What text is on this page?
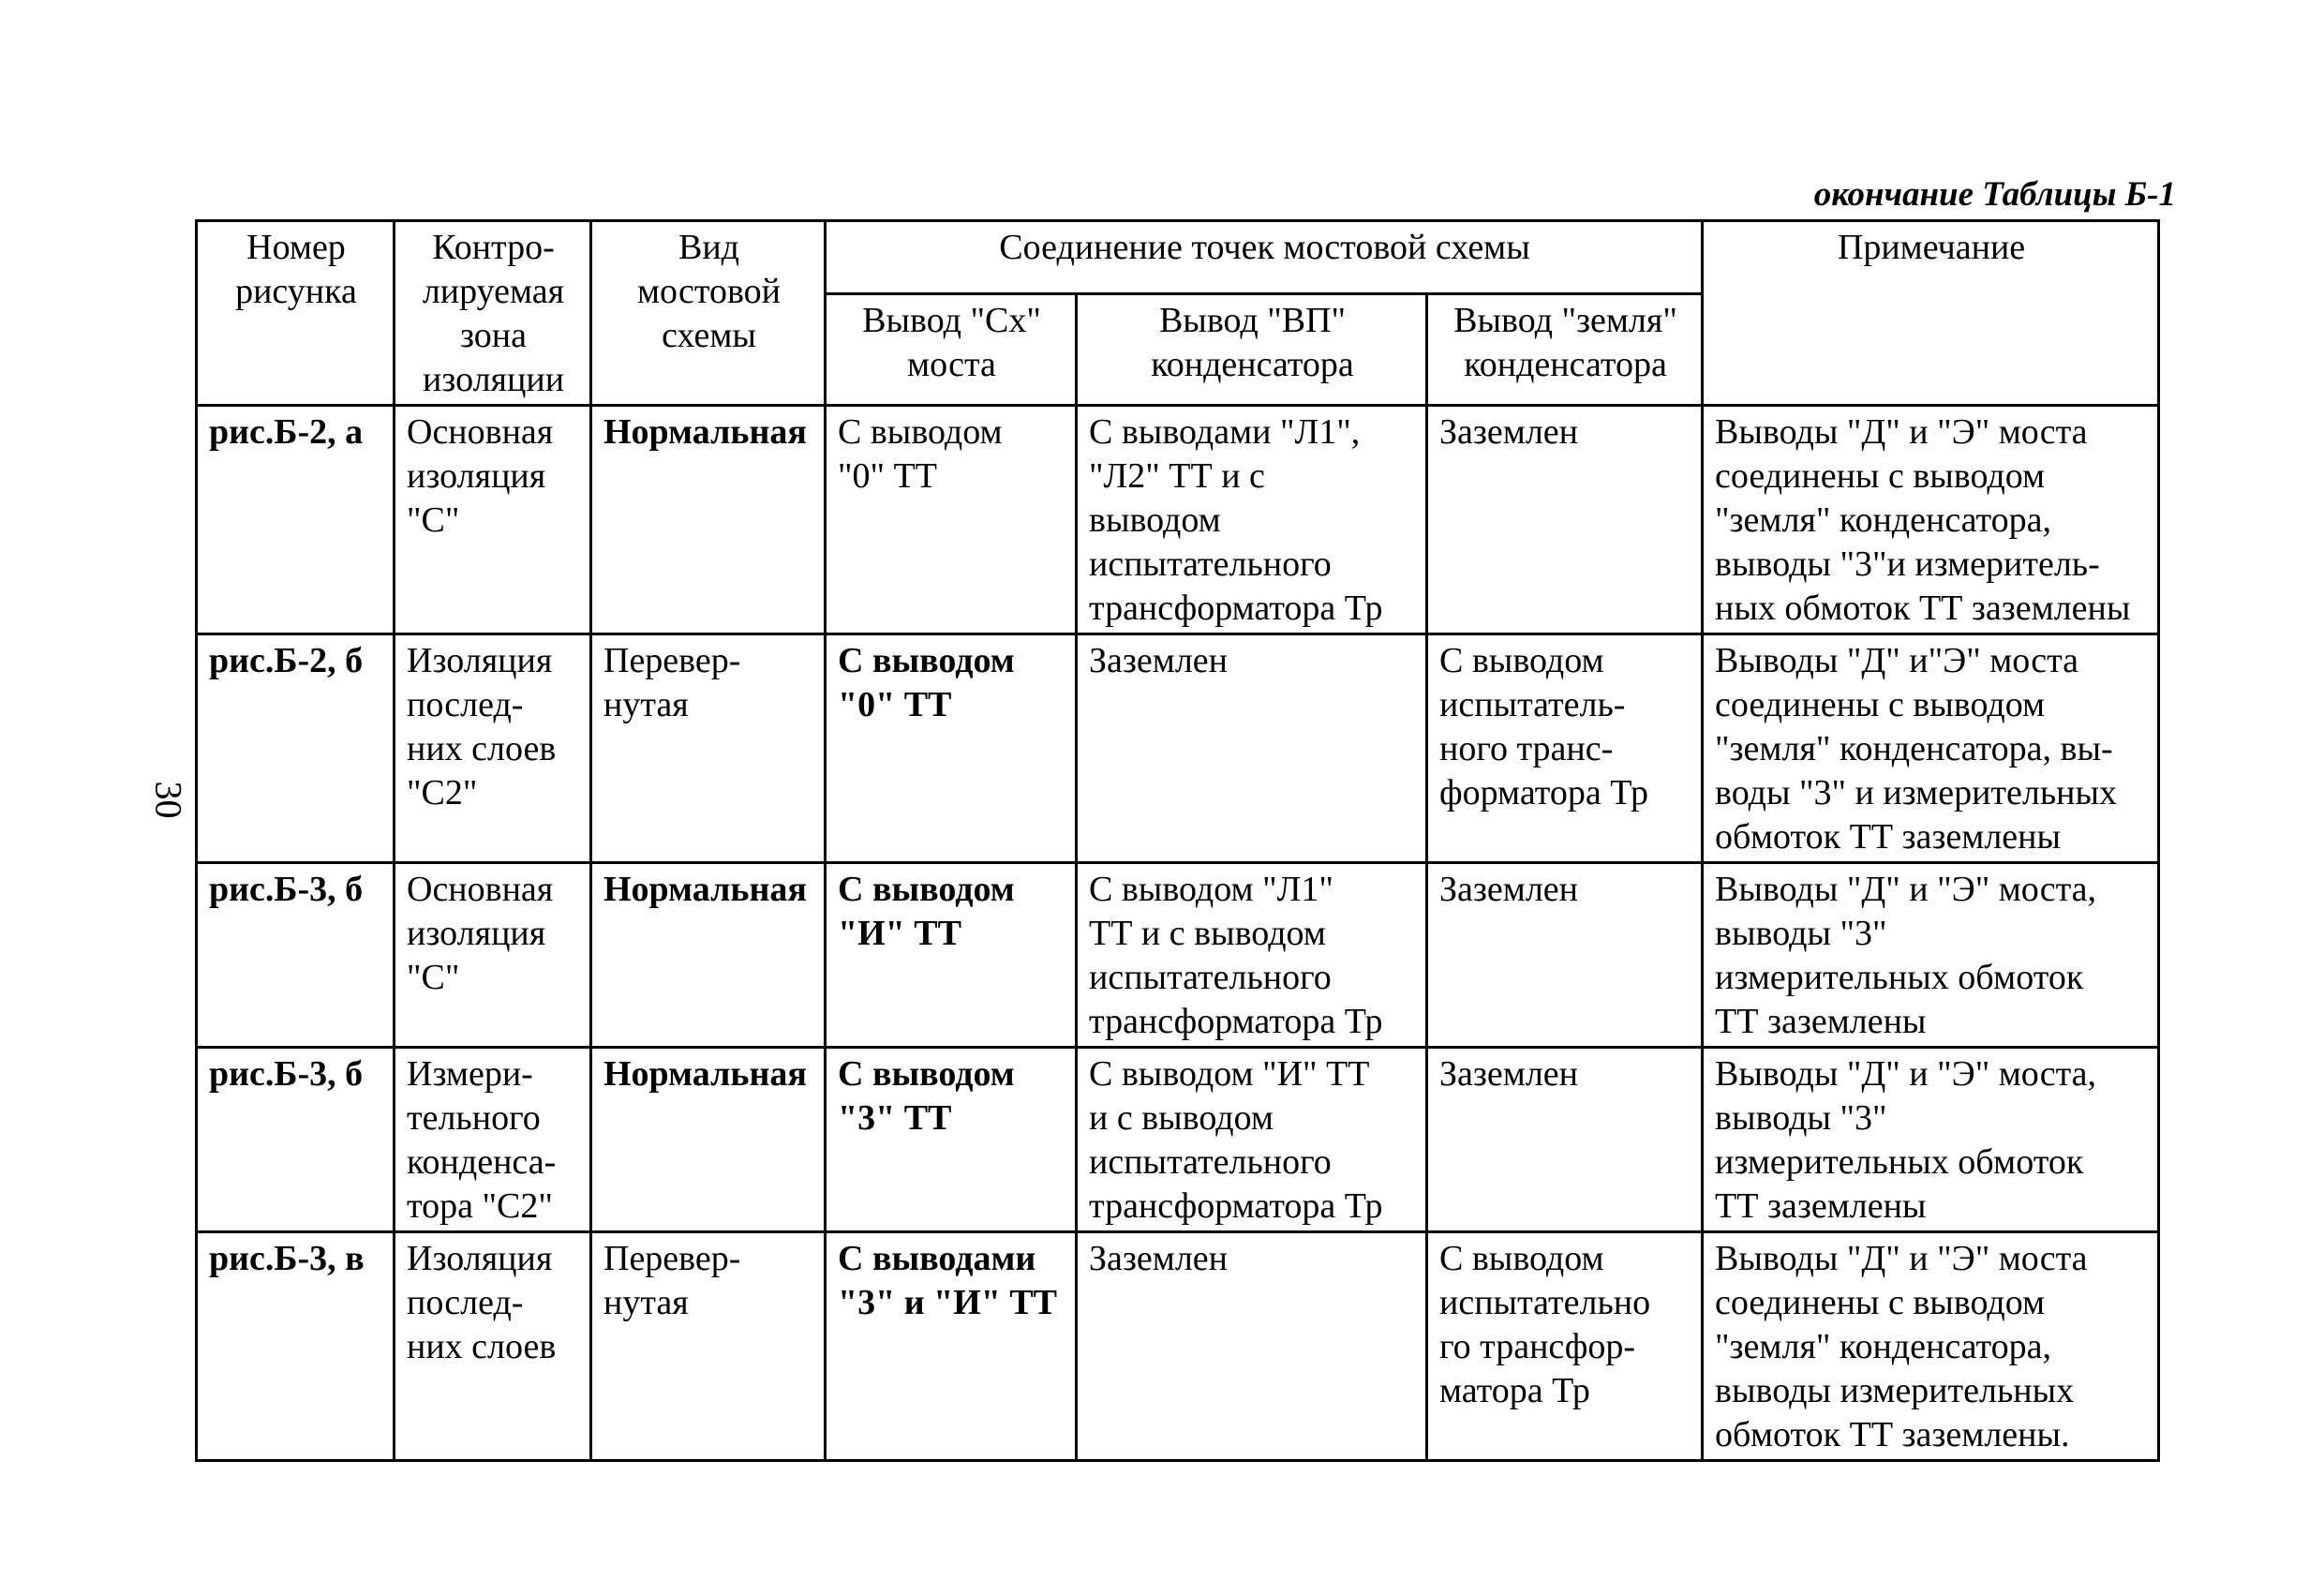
30
окончание Таблицы Б-1
Номер
рисунка	Контро-
лируемая
зона
изоляции	Вид
мостовой
схемы	Соединение точек мостовой схемы			Примечание

			Вывод "Сх"
моста	Вывод "ВП"
конденсатора	Вывод "земля"
конденсатора	

рис.Б-2, а	Основная
изоляция
"С"	Нормальная	С выводом
"0" ТТ	С выводами "Л1",
"Л2" ТТ и с
выводом
испытательного
трансформатора Тр	Заземлен	Выводы "Д" и "Э" моста
соединены с выводом
"земля" конденсатора,
выводы "3"и измеритель-
ных обмоток ТТ заземлены

рис.Б-2, б	Изоляция
послед-
них слоев
"С2"	Перевер-
нутая	С выводом
"0" ТТ	Заземлен	С выводом
испытатель-
ного транс-
форматора Тр	Выводы "Д" и"Э" моста
соединены с выводом
"земля" конденсатора, вы-
воды "3" и измерительных
обмоток ТТ заземлены

рис.Б-3, б	Основная
изоляция
"С"	Нормальная	С выводом
"И" ТТ	С выводом "Л1"
ТТ и с выводом
испытательного
трансформатора Тр	Заземлен	Выводы "Д" и "Э" моста,
выводы "3"
измерительных обмоток
ТТ заземлены

рис.Б-3, б	Измери-
тельного
конденса-
тора "С2"	Нормальная	С выводом
"3" ТТ	С выводом "И" ТТ
и с выводом
испытательного
трансформатора Тр	Заземлен	Выводы "Д" и "Э" моста,
выводы "3"
измерительных обмоток
ТТ заземлены

рис.Б-3, в	Изоляция
послед-
них слоев	Перевер-
нутая	С выводами
"3" и "И" ТТ	Заземлен	С выводом
испытательно
го трансфор-
матора Тр	Выводы "Д" и "Э" моста
соединены с выводом
"земля" конденсатора,
выводы измерительных
обмоток ТТ заземлены.
